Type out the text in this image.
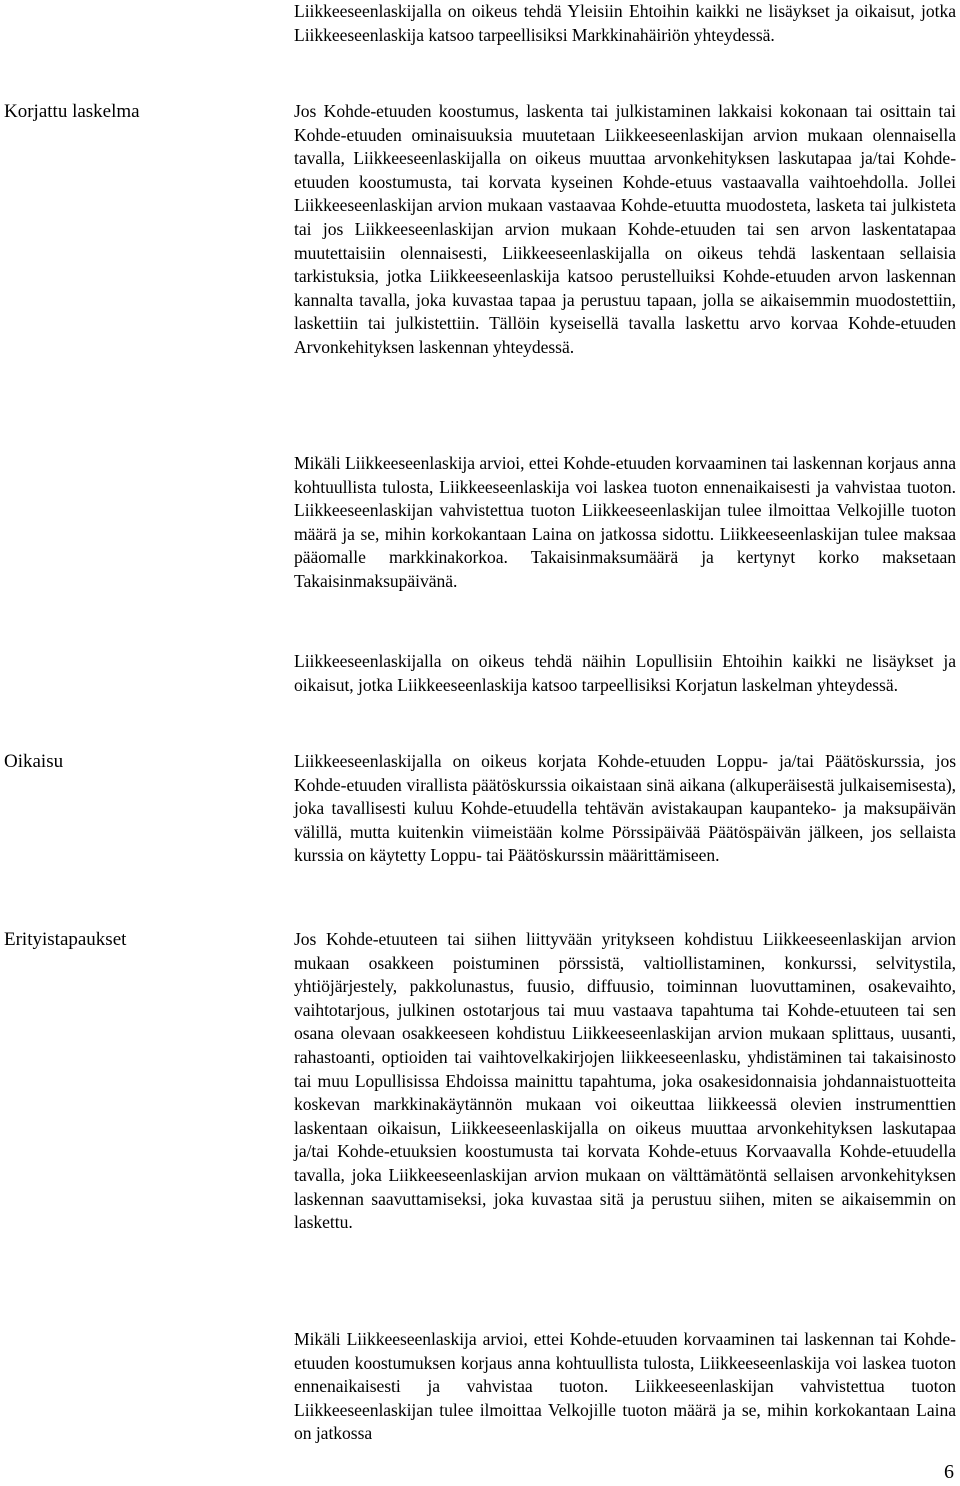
Liikkeeseenlaskijalla on oikeus tehdä Yleisiin Ehtoihin kaikki ne lisäykset ja oikaisut, jotka Liikkeeseenlaskija katsoo tarpeellisiksi Markkinahäiriön yhteydessä.
Korjattu laskelma	Jos Kohde-etuuden koostumus, laskenta tai julkistaminen lakkaisi kokonaan tai osittain tai Kohde-etuuden ominaisuuksia muutetaan Liikkeeseenlaskijan arvion mukaan olennaisella tavalla, Liikkeeseenlaskijalla on oikeus muuttaa arvonkehityksen laskutapaa ja/tai Kohde-etuuden koostumusta, tai korvata kyseinen Kohde-etuus vastaavalla vaihtoehdolla. Jollei Liikkeeseenlaskijan arvion mukaan vastaavaa Kohde-etuutta muodosteta, lasketa tai julkisteta tai jos Liikkeeseenlaskijan arvion mukaan Kohde-etuuden tai sen arvon laskentatapaa muutettaisiin olennaisesti, Liikkeeseenlaskijalla on oikeus tehdä laskentaan sellaisia tarkistuksia, jotka Liikkeeseenlaskija katsoo perustelluiksi Kohde-etuuden arvon laskennan kannalta tavalla, joka kuvastaa tapaa ja perustuu tapaan, jolla se aikaisemmin muodostettiin, laskettiin tai julkistettiin. Tällöin kyseisellä tavalla laskettu arvo korvaa Kohde-etuuden Arvonkehityksen laskennan yhteydessä.
Mikäli Liikkeeseenlaskija arvioi, ettei Kohde-etuuden korvaaminen tai laskennan korjaus anna kohtuullista tulosta, Liikkeeseenlaskija voi laskea tuoton ennenaikaisesti ja vahvistaa tuoton. Liikkeeseenlaskijan vahvistettua tuoton Liikkeeseenlaskijan tulee ilmoittaa Velkojille tuoton määrä ja se, mihin korkokantaan Laina on jatkossa sidottu. Liikkeeseenlaskijan tulee maksaa pääomalle markkinakorkoa. Takaisinmaksumäärä ja kertynyt korko maksetaan Takaisinmaksupäivänä.
Liikkeeseenlaskijalla on oikeus tehdä näihin Lopullisiin Ehtoihin kaikki ne lisäykset ja oikaisut, jotka Liikkeeseenlaskija katsoo tarpeellisiksi Korjatun laskelman yhteydessä.
Oikaisu	Liikkeeseenlaskijalla on oikeus korjata Kohde-etuuden Loppu- ja/tai Päätöskurssia, jos Kohde-etuuden virallista päätöskurssia oikaistaan sinä aikana (alkuperäisestä julkaisemisesta), joka tavallisesti kuluu Kohde-etuudella tehtävän avistakaupan kaupanteko- ja maksupäivän välillä, mutta kuitenkin viimeistään kolme Pörssipäivää Päätöspäivän jälkeen, jos sellaista kurssia on käytetty Loppu- tai Päätöskurssin määrittämiseen.
Erityistapaukset	Jos Kohde-etuuteen tai siihen liittyvään yritykseen kohdistuu Liikkeeseenlaskijan arvion mukaan osakkeen poistuminen pörssistä, valtiollistaminen, konkurssi, selvitystila, yhtiöjärjestely, pakkolunastus, fuusio, diffuusio, toiminnan luovuttaminen, osakevaihto, vaihtotarjous, julkinen ostotarjous tai muu vastaava tapahtuma tai Kohde-etuuteen tai sen osana olevaan osakkeeseen kohdistuu Liikkeeseenlaskijan arvion mukaan splittaus, uusanti, rahastoanti, optioiden tai vaihtovelkakirjojen liikkeeseenlasku, yhdistäminen tai takaisinosto tai muu Lopullisissa Ehdoissa mainittu tapahtuma, joka osakesidonnaisia johdannaistuotteita koskevan markkinakäytännön mukaan voi oikeuttaa liikkeessä olevien instrumenttien laskentaan oikaisun, Liikkeeseenlaskijalla on oikeus muuttaa arvonkehityksen laskutapaa ja/tai Kohde-etuuksien koostumusta tai korvata Kohde-etuus Korvaavalla Kohde-etuudella tavalla, joka Liikkeeseenlaskijan arvion mukaan on välttämätöntä sellaisen arvonkehityksen laskennan saavuttamiseksi, joka kuvastaa sitä ja perustuu siihen, miten se aikaisemmin on laskettu.
Mikäli Liikkeeseenlaskija arvioi, ettei Kohde-etuuden korvaaminen tai laskennan tai Kohde-etuuden koostumuksen korjaus anna kohtuullista tulosta, Liikkeeseenlaskija voi laskea tuoton ennenaikaisesti ja vahvistaa tuoton. Liikkeeseenlaskijan vahvistettua tuoton Liikkeeseenlaskijan tulee ilmoittaa Velkojille tuoton määrä ja se, mihin korkokantaan Laina on jatkossa
6
